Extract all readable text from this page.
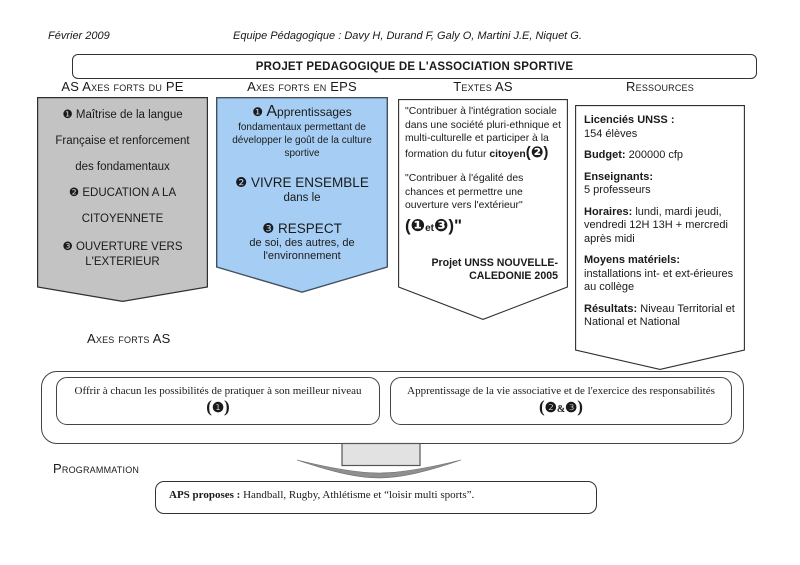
Février 2009	Equipe Pédagogique : Davy H, Durand F, Galy O, Martini J.E, Niquet G.
PROJET PEDAGOGIQUE DE L'ASSOCIATION SPORTIVE
AS Axes forts du PE	Axes forts en EPS	Textes AS	Ressources

❶ Maîtrise de la langue Française et renforcement des fondamentaux

❷ EDUCATION A LA CITOYENNETE

❸ OUVERTURE VERS L'EXTERIEUR

❶ Apprentissages
fondamentaux permettant de développer le goût de la culture sportive
❷ VIVRE ENSEMBLE
dans le
❸ RESPECT
de soi, des autres, de l'environnement
"Contribuer à l'intégration sociale dans une société pluri-ethnique et multi-culturelle et participer à la formation du futur citoyen(❷)
"Contribuer à l'égalité des chances et permettre une ouverture vers l'extérieur"
(❶et❸)"
Projet UNSS NOUVELLE-CALEDONIE 2005
Licenciés UNSS :
154 élèves
Budget: 200000 cfp
Enseignants:
5 professeurs
Horaires: lundi, mardi jeudi, vendredi 12H 13H + mercredi après midi
Moyens matériels:
installations int- et ext-érieures au collège
Résultats: Niveau Territorial et National et National
Axes forts AS
Offrir à chacun les possibilités de pratiquer à son meilleur niveau
(❶)
Apprentissage de la vie associative et de l'exercice des responsabilités
(❷&❸)
Programmation
APS proposes : Handball, Rugby, Athlétisme et “loisir multi sports”.
